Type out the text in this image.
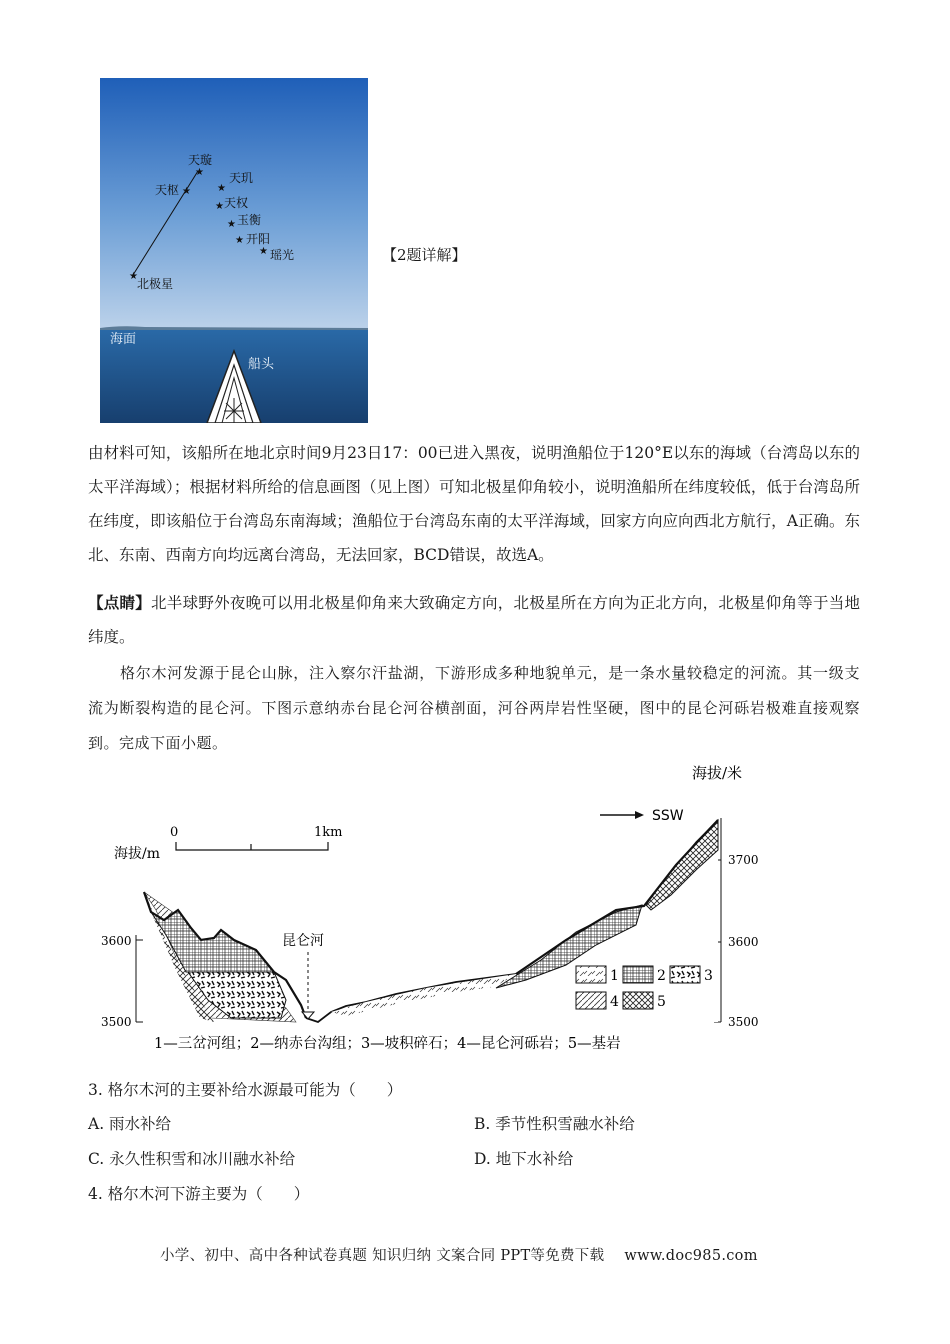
天璇
天枢
天玑
天权
玉衡
开阳
瑶光
北极星
★
★	★
★
★
★
★
★
海面
船头
【2题详解】
由材料可知，该船所在地北京时间9月23日17：00已进入黑夜，说明渔船位于120°E以东的海域（台湾岛以东的太平洋海域）；根据材料所给的信息画图（见上图）可知北极星仰角较小，说明渔船所在纬度较低，低于台湾岛所在纬度，即该船位于台湾岛东南海域；渔船位于台湾岛东南的太平洋海域，回家方向应向西北方航行，A正确。东北、东南、西南方向均远离台湾岛，无法回家，BCD错误，故选A。
【点睛】北半球野外夜晚可以用北极星仰角来大致确定方向，北极星所在方向为正北方向，北极星仰角等于当地纬度。
格尔木河发源于昆仑山脉，注入察尔汗盐湖，下游形成多种地貌单元，是一条水量较稳定的河流。其一级支流为断裂构造的昆仑河。下图示意纳赤台昆仑河谷横剖面，河谷两岸岩性坚硬，图中的昆仑河砾岩极难直接观察到。完成下面小题。
海拔/米
SSW
0	1km
海拔/m
3600
3500
3700
3600
3500
昆仑河
1	2	3
4	5
1—三岔河组；2—纳赤台沟组；3—坡积碎石；4—昆仑河砾岩；5—基岩
3. 格尔木河的主要补给水源最可能为（　　）
A. 雨水补给	B. 季节性积雪融水补给
C. 永久性积雪和冰川融水补给	D. 地下水补给
4. 格尔木河下游主要为（　　）
小学、初中、高中各种试卷真题 知识归纳 文案合同 PPT等免费下载 www.doc985.com
